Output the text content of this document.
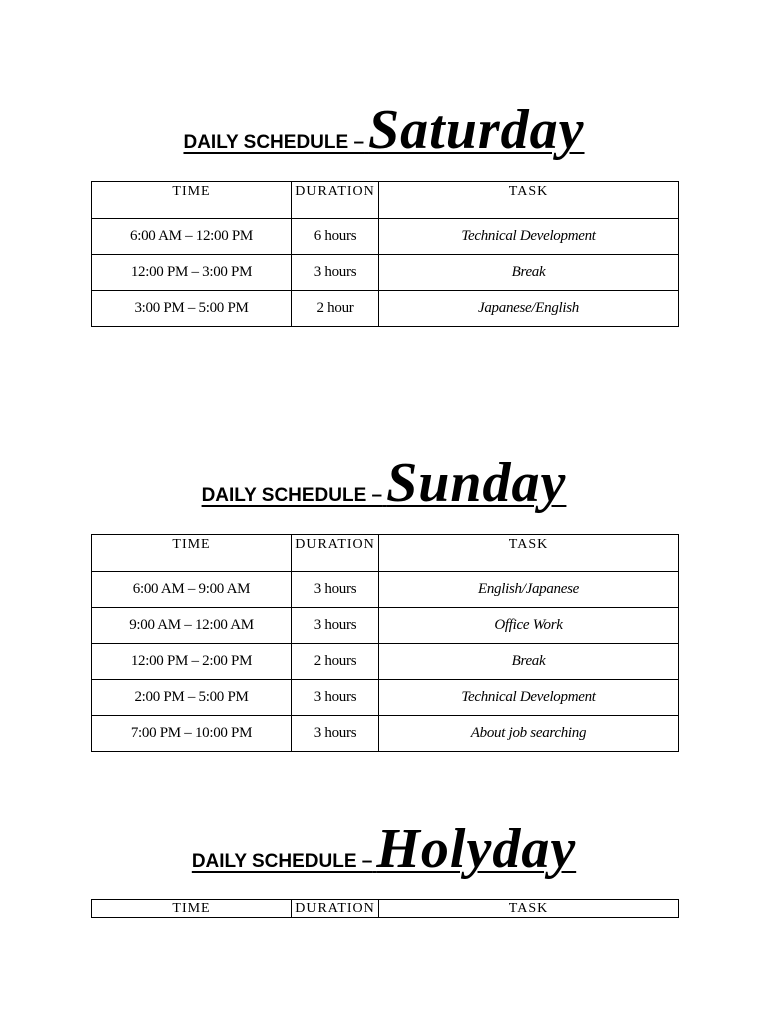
DAILY SCHEDULE – Saturday
TIME	DURATION	TASK
6:00 AM – 12:00 PM	6 hours	Technical Development
12:00 PM – 3:00 PM	3 hours	Break
3:00 PM – 5:00 PM	2 hour	Japanese/English
DAILY SCHEDULE – Sunday
TIME	DURATION	TASK
6:00 AM – 9:00 AM	3 hours	English/Japanese
9:00 AM – 12:00 AM	3 hours	Office Work
12:00 PM – 2:00 PM	2 hours	Break
2:00 PM – 5:00 PM	3 hours	Technical Development
7:00 PM – 10:00 PM	3 hours	About job searching
DAILY SCHEDULE – Holyday
TIME	DURATION	TASK
